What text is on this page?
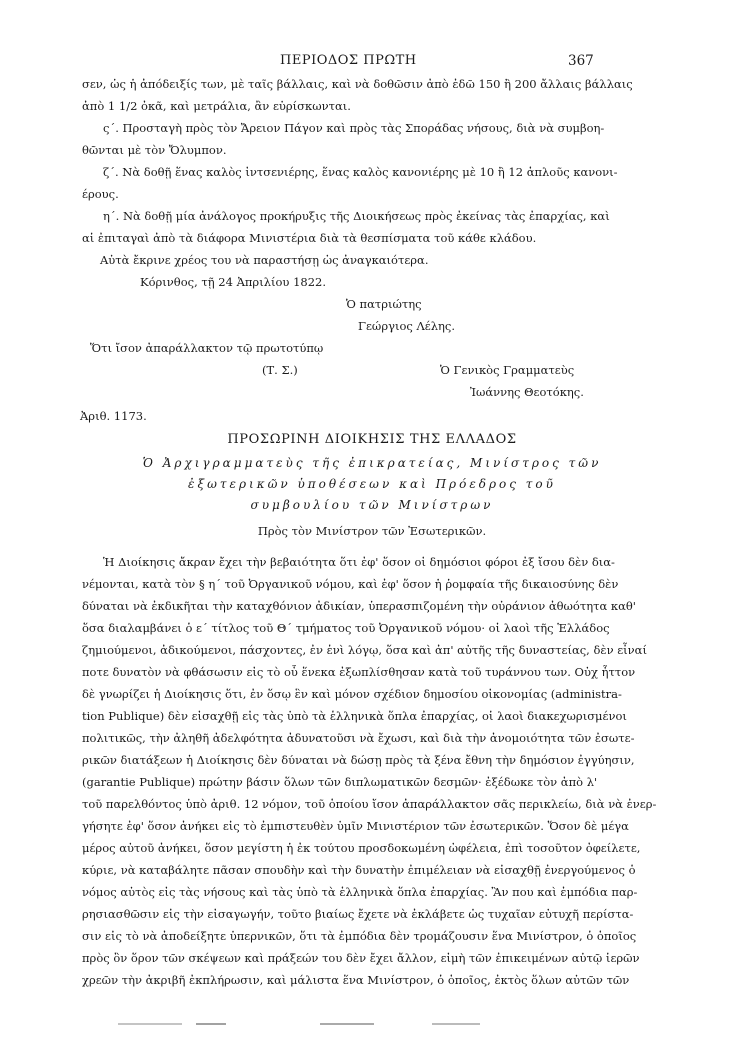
ΠΕΡΙΟΔΟΣ ΠΡΩΤΗ	367
σεν, ὡς ἡ ἀπόδειξίς των, μὲ ταῖς βάλλαις, καὶ νὰ δοθῶσιν ἀπὸ ἐδῶ 150 ἢ 200 ἄλλαις βάλλαις
ἀπὸ 1 1/2 ὀκᾶ, καὶ μετράλια, ἂν εὑρίσκωνται.
ς΄. Προσταγὴ πρὸς τὸν Ἄρειον Πάγον καὶ πρὸς τὰς Σποράδας νήσους, διὰ νὰ συμβοη-
θῶνται μὲ τὸν Ὄλυμπον.
ζ΄. Νὰ δοθῇ ἕνας καλὸς ἰντσενιέρης, ἕνας καλὸς κανονιέρης μὲ 10 ἢ 12 ἁπλοῦς κανονι-
έρους.
η΄. Νὰ δοθῇ μία ἀνάλογος προκήρυξις τῆς Διοικήσεως πρὸς ἐκείνας τὰς ἐπαρχίας, καὶ
αἱ ἐπιταγαὶ ἀπὸ τὰ διάφορα Μινιστέρια διὰ τὰ θεσπίσματα τοῦ κάθε κλάδου.
Αὐτὰ ἔκρινε χρέος του νὰ παραστήσῃ ὡς ἀναγκαιότερα.
Κόρινθος, τῇ 24 Ἀπριλίου 1822.
Ὁ πατριώτης
Γεώργιος Λέλης.
Ὅτι ἴσον ἀπαράλλακτον τῷ πρωτοτύπῳ
(Τ. Σ.)	Ὁ Γενικὸς Γραμματεὺς
Ἰωάννης Θεοτόκης.
Ἀριθ. 1173.
ΠΡΟΣΩΡΙΝΗ ΔΙΟΙΚΗΣΙΣ ΤΗΣ ΕΛΛΑΔΟΣ
Ὁ Ἀρχιγραμματεὺς τῆς ἐπικρατείας, Μινίστρος τῶν
ἐξωτερικῶν ὑποθέσεων καὶ Πρόεδρος τοῦ
συμβουλίου τῶν Μινίστρων
Πρὸς τὸν Μινίστρον τῶν Ἐσωτερικῶν.
Ἡ Διοίκησις ἄκραν ἔχει τὴν βεβαιότητα ὅτι ἐφ' ὅσον οἱ δημόσιοι φόροι ἐξ ἴσου δὲν δια-
νέμονται, κατὰ τὸν § η΄ τοῦ Ὀργανικοῦ νόμου, καὶ ἐφ' ὅσον ἡ ῥομφαία τῆς δικαιοσύνης δὲν
δύναται νὰ ἐκδικῆται τὴν καταχθόνιον ἀδικίαν, ὑπερασπιζομένη τὴν οὐράνιον ἀθωότητα καθ'
ὅσα διαλαμβάνει ὁ ε΄ τίτλος τοῦ Θ΄ τμήματος τοῦ Ὀργανικοῦ νόμου· οἱ λαοὶ τῆς Ἑλλάδος
ζημιούμενοι, ἀδικούμενοι, πάσχοντες, ἐν ἑνὶ λόγῳ, ὅσα καὶ ἀπ' αὐτῆς τῆς δυναστείας, δὲν εἶναί
ποτε δυνατὸν νὰ φθάσωσιν εἰς τὸ οὗ ἕνεκα ἐξωπλίσθησαν κατὰ τοῦ τυράννου των. Οὐχ ἧττον
δὲ γνωρίζει ἡ Διοίκησις ὅτι, ἐν ὅσῳ ἓν καὶ μόνον σχέδιον δημοσίου οἰκονομίας (administra-
tion Publique) δὲν εἰσαχθῇ εἰς τὰς ὑπὸ τὰ ἑλληνικὰ ὅπλα ἐπαρχίας, οἱ λαοὶ διακεχωρισμένοι
πολιτικῶς, τὴν ἀληθῆ ἀδελφότητα ἀδυνατοῦσι νὰ ἔχωσι, καὶ διὰ τὴν ἀνομοιότητα τῶν ἐσωτε-
ρικῶν διατάξεων ἡ Διοίκησις δὲν δύναται νὰ δώσῃ πρὸς τὰ ξένα ἔθνη τὴν δημόσιον ἐγγύησιν,
(garantie Publique) πρώτην βάσιν ὅλων τῶν διπλωματικῶν δεσμῶν· ἐξέδωκε τὸν ἀπὸ λ'
τοῦ παρελθόντος ὑπὸ ἀριθ. 12 νόμον, τοῦ ὁποίου ἴσον ἀπαράλλακτον σᾶς περικλείω, διὰ νὰ ἐνερ-
γήσητε ἐφ' ὅσον ἀνήκει εἰς τὸ ἐμπιστευθὲν ὑμῖν Μινιστέριον τῶν ἐσωτερικῶν. Ὅσον δὲ μέγα
μέρος αὐτοῦ ἀνήκει, ὅσον μεγίστη ἡ ἐκ τούτου προσδοκωμένη ὠφέλεια, ἐπὶ τοσοῦτον ὀφείλετε,
κύριε, νὰ καταβάλητε πᾶσαν σπουδὴν καὶ τὴν δυνατὴν ἐπιμέλειαν νὰ εἰσαχθῇ ἐνεργούμενος ὁ
νόμος αὐτὸς εἰς τὰς νήσους καὶ τὰς ὑπὸ τὰ ἑλληνικὰ ὅπλα ἐπαρχίας. Ἂν που καὶ ἐμπόδια παρ-
ρησιασθῶσιν εἰς τὴν εἰσαγωγήν, τοῦτο βιαίως ἔχετε νὰ ἐκλάβετε ὡς τυχαῖαν εὐτυχῆ περίστα-
σιν εἰς τὸ νὰ ἀποδείξητε ὑπερνικῶν, ὅτι τὰ ἐμπόδια δὲν τρομάζουσιν ἕνα Μινίστρον, ὁ ὁποῖος
πρὸς ὂν ὅρον τῶν σκέψεων καὶ πράξεών του δὲν ἔχει ἄλλον, εἰμὴ τῶν ἐπικειμένων αὐτῷ ἱερῶν
χρεῶν τὴν ἀκριβῆ ἐκπλήρωσιν, καὶ μάλιστα ἕνα Μινίστρον, ὁ ὁποῖος, ἐκτὸς ὅλων αὐτῶν τῶν
